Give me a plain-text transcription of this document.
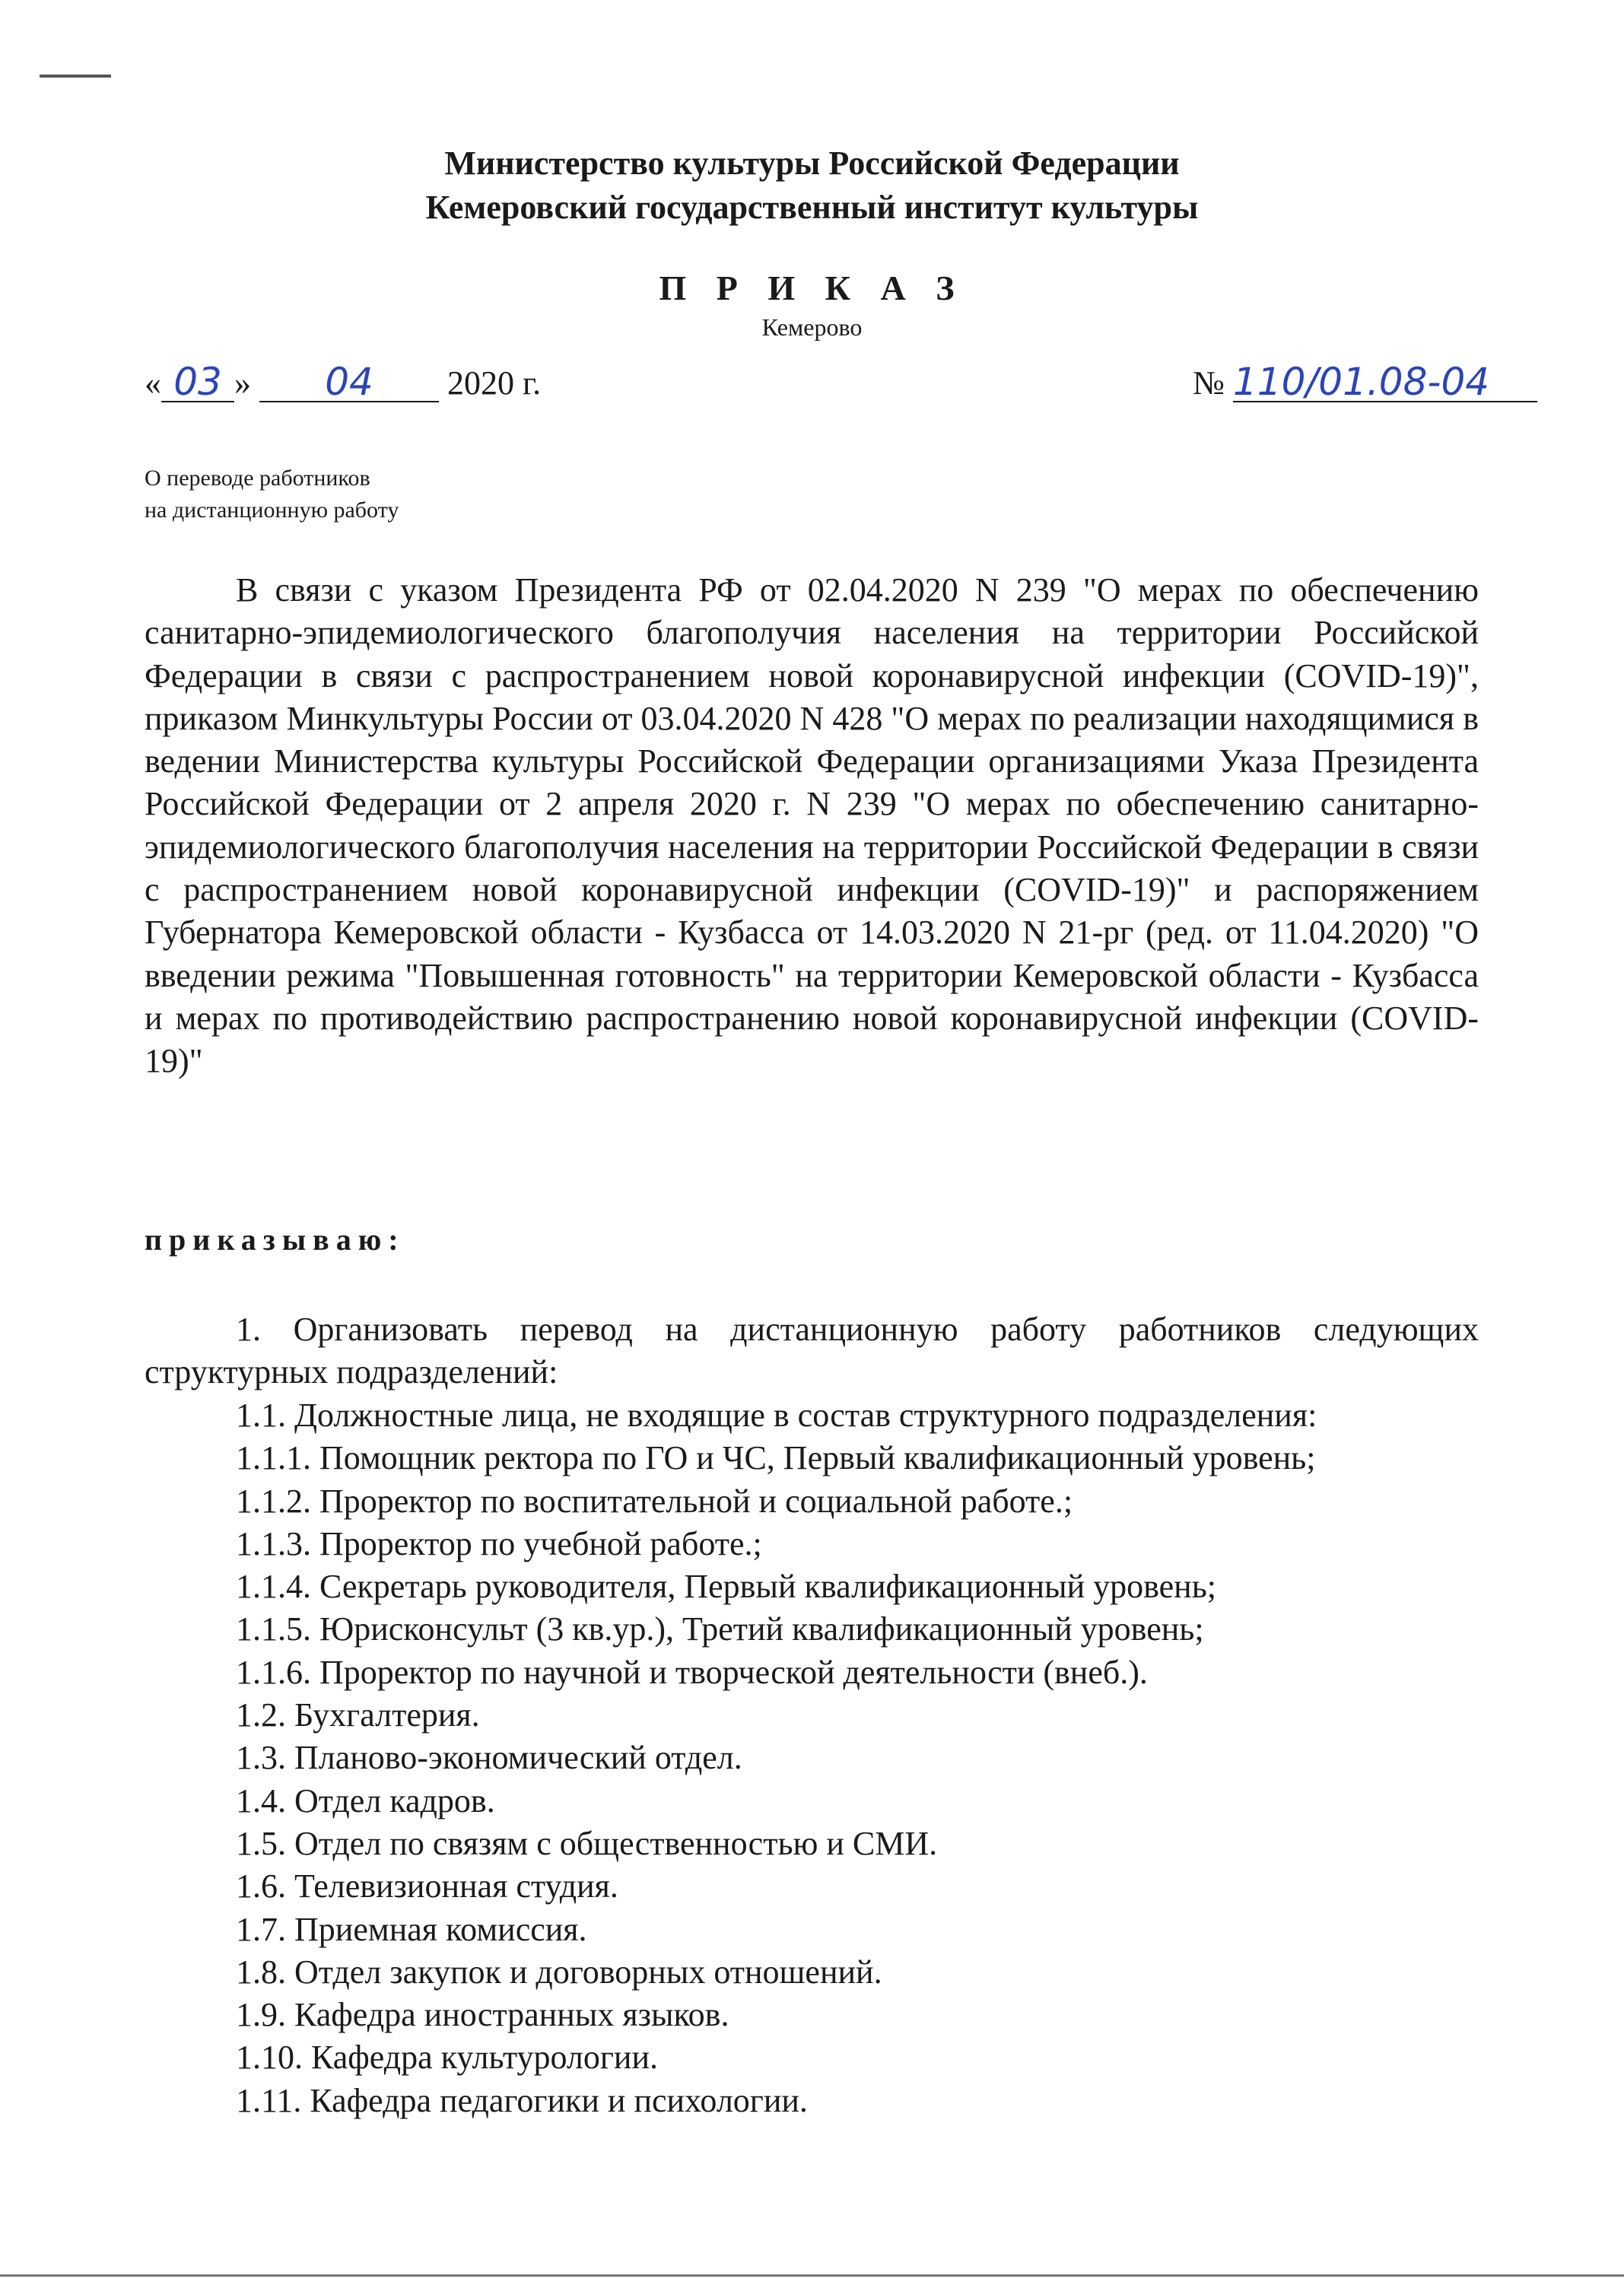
Министерство культуры Российской Федерации
Кемеровский государственный институт культуры
П Р И К А З
Кемерово
« 03 » 04 2020 г.	№ 110/01.08-04
О переводе работников
на дистанционную работу

В связи с указом Президента РФ от 02.04.2020 N 239 "О мерах по обеспечению санитарно-эпидемиологического благополучия населения на территории Российской Федерации в связи с распространением новой коронавирусной инфекции (COVID-19)", приказом Минкультуры России от 03.04.2020 N 428 "О мерах по реализации находящимися в ведении Министерства культуры Российской Федерации организациями Указа Президента Российской Федерации от 2 апреля 2020 г. N 239 "О мерах по обеспечению санитарно-эпидемиологического благополучия населения на территории Российской Федерации в связи с распространением новой коронавирусной инфекции (COVID-19)" и распоряжением Губернатора Кемеровской области - Кузбасса от 14.03.2020 N 21-рг (ред. от 11.04.2020) "О введении режима "Повышенная готовность" на территории Кемеровской области - Кузбасса и мерах по противодействию распространению новой коронавирусной инфекции (COVID-19)"

приказываю:

1. Организовать перевод на дистанционную работу работников следующих структурных подразделений:

1.1. Должностные лица, не входящие в состав структурного подразделения:
1.1.1. Помощник ректора по ГО и ЧС, Первый квалификационный уровень;
1.1.2. Проректор по воспитательной и социальной работе.;
1.1.3. Проректор по учебной работе.;
1.1.4. Секретарь руководителя, Первый квалификационный уровень;
1.1.5. Юрисконсульт (3 кв.ур.), Третий квалификационный уровень;
1.1.6. Проректор по научной и творческой деятельности (внеб.).
1.2. Бухгалтерия.
1.3. Планово-экономический отдел.
1.4. Отдел кадров.
1.5. Отдел по связям с общественностью и СМИ.
1.6. Телевизионная студия.
1.7. Приемная комиссия.
1.8. Отдел закупок и договорных отношений.
1.9. Кафедра иностранных языков.
1.10. Кафедра культурологии.
1.11. Кафедра педагогики и психологии.
